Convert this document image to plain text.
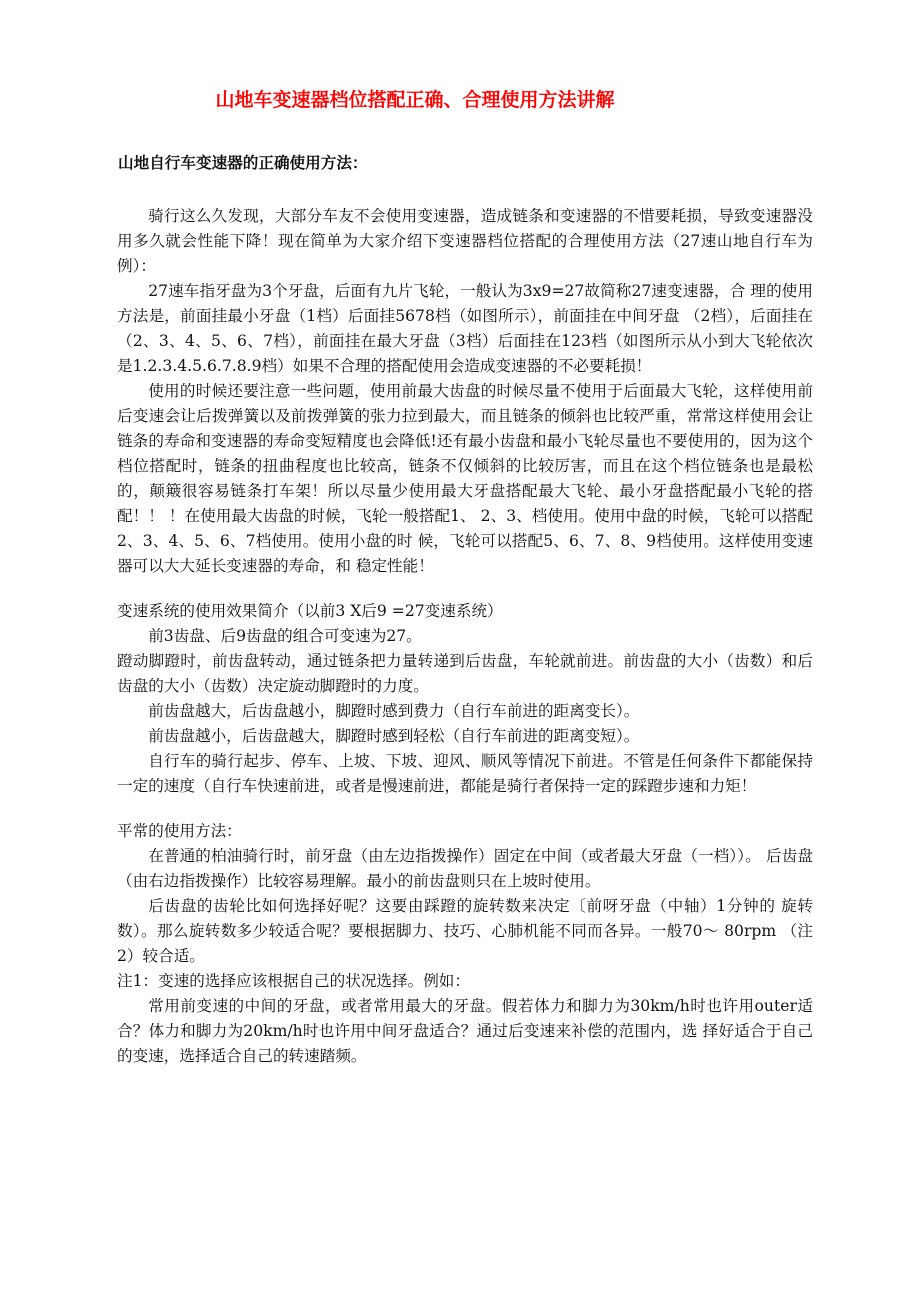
山地车变速器档位搭配正确、合理使用方法讲解
山地自行车变速器的正确使用方法：

骑行这么久发现，大部分车友不会使用变速器，造成链条和变速器的不惜要耗损，导致变速器没用多久就会性能下降！现在简单为大家介绍下变速器档位搭配的合理使用方法（27速山地自行车为例）：

27速车指牙盘为3个牙盘，后面有九片飞轮，一般认为3x9=27故简称27速变速器，合 理的使用方法是，前面挂最小牙盘（1档）后面挂5678档（如图所示），前面挂在中间牙盘 （2档），后面挂在（2、3、4、5、6、7档），前面挂在最大牙盘（3档）后面挂在123档（如图所示从小到大飞轮依次是1.2.3.4.5.6.7.8.9档）如果不合理的搭配使用会造成变速器的不必要耗损！

使用的时候还要注意一些问题，使用前最大齿盘的时候尽量不使用于后面最大飞轮，这样使用前后变速会让后拨弹簧以及前拨弹簧的张力拉到最大，而且链条的倾斜也比较严重，常常这样使用会让链条的寿命和变速器的寿命变短精度也会降低!还有最小齿盘和最小飞轮尽量也不要使用的，因为这个档位搭配时，链条的扭曲程度也比较高，链条不仅倾斜的比较厉害，而且在这个档位链条也是最松的，颠簸很容易链条打车架！所以尽量少使用最大牙盘搭配最大飞轮、最小牙盘搭配最小飞轮的搭配！！ ！在使用最大齿盘的时候，飞轮一般搭配1、 2、3、档使用。使用中盘的时候，飞轮可以搭配2、3、4、5、6、7档使用。使用小盘的时 候，飞轮可以搭配5、6、7、8、9档使用。这样使用变速器可以大大延长变速器的寿命，和 稳定性能！

变速系统的使用效果简介（以前3 X后9 =27变速系统）

前3齿盘、后9齿盘的组合可变速为27。

蹬动脚蹬时，前齿盘转动，通过链条把力量转递到后齿盘，车轮就前进。前齿盘的大小（齿数）和后齿盘的大小（齿数）决定旋动脚蹬时的力度。

前齿盘越大，后齿盘越小，脚蹬时感到费力（自行车前进的距离变长）。

前齿盘越小，后齿盘越大，脚蹬时感到轻松（自行车前进的距离变短）。

自行车的骑行起步、停车、上坡、下坡、迎风、顺风等情况下前进。不管是任何条件下都能保持一定的速度（自行车快速前进，或者是慢速前进，都能是骑行者保持一定的踩蹬步速和力矩！

平常的使用方法：

在普通的柏油骑行时，前牙盘（由左边指拨操作）固定在中间（或者最大牙盘（一档））。 后齿盘（由右边指拨操作）比较容易理解。最小的前齿盘则只在上坡时使用。

后齿盘的齿轮比如何选择好呢？这要由踩蹬的旋转数来决定〔前呀牙盘（中轴）1分钟的 旋转数）。那么旋转数多少较适合呢？要根据脚力、技巧、心肺机能不同而各异。一般70〜 80rpm （注2）较合适。

注1：变速的选择应该根据自己的状况选择。例如：

常用前变速的中间的牙盘，或者常用最大的牙盘。假若体力和脚力为30km/h时也许用outer适合？体力和脚力为20km/h时也许用中间牙盘适合？通过后变速来补偿的范围内，选 择好适合于自己的变速，选择适合自己的转速踏频。
